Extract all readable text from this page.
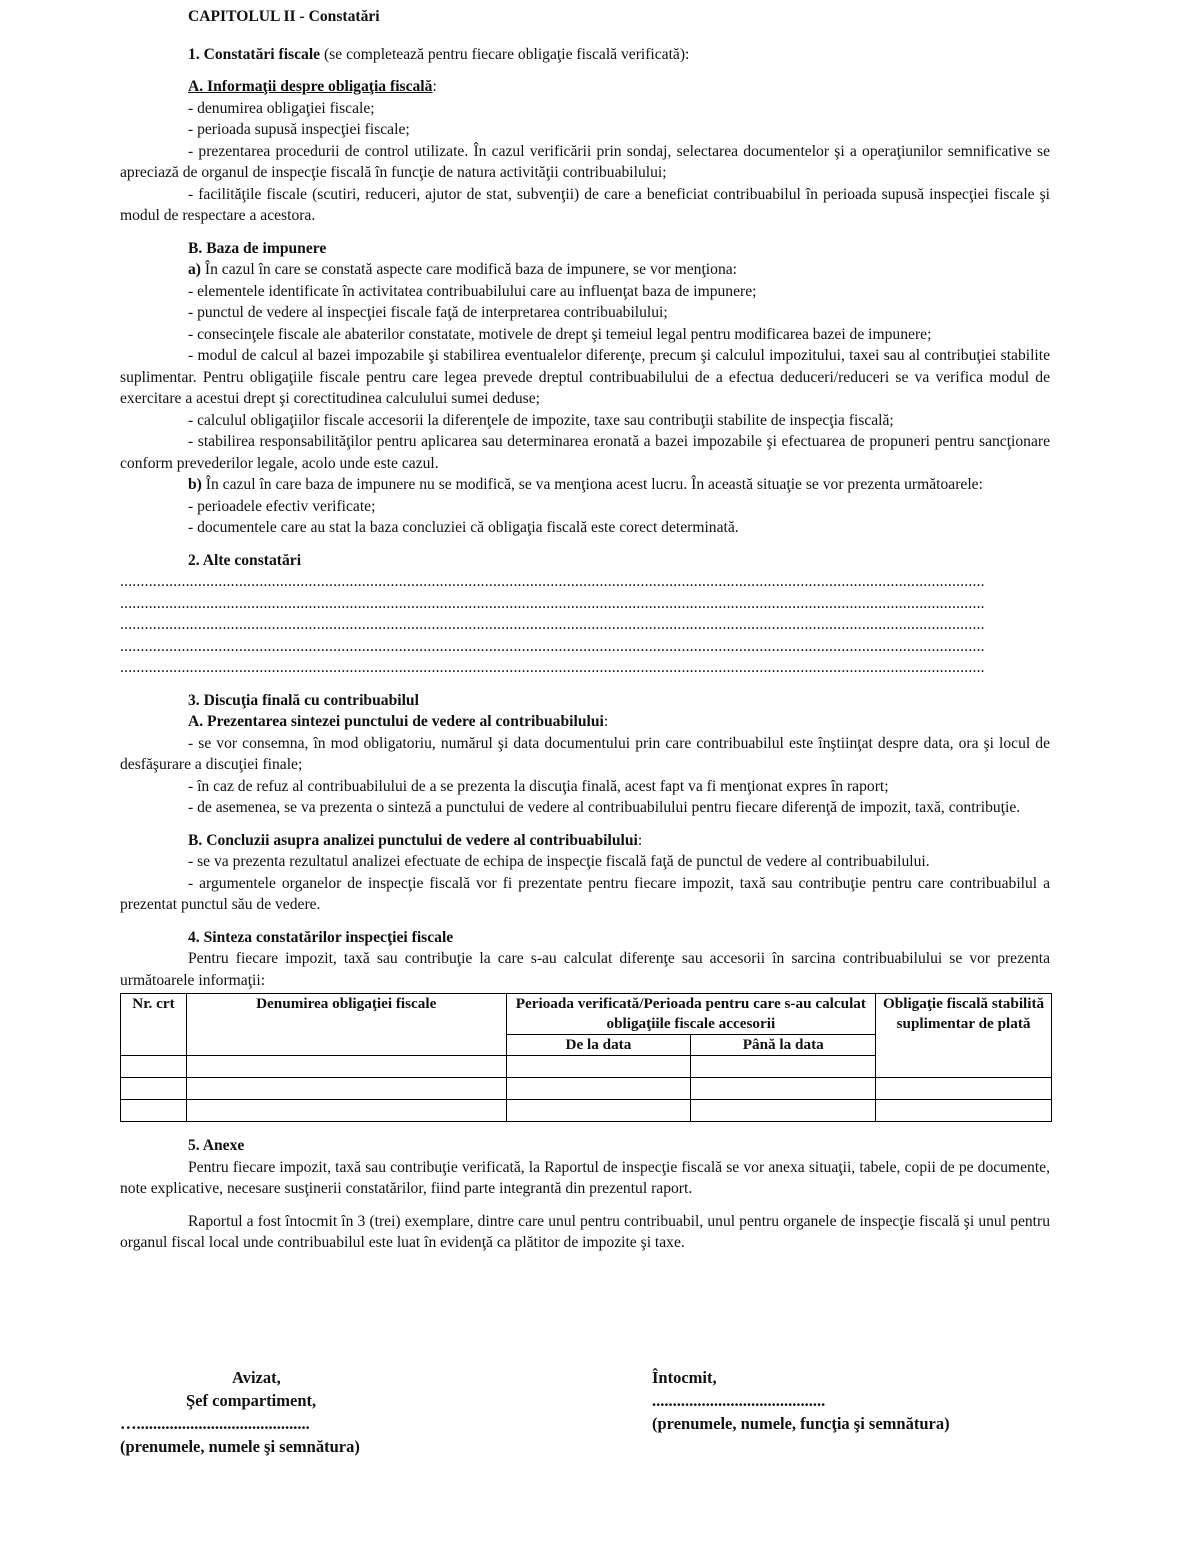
CAPITOLUL II - Constatări
1. Constatări fiscale (se completează pentru fiecare obligaţie fiscală verificată):
A. Informaţii despre obligaţia fiscală:
- denumirea obligaţiei fiscale;
- perioada supusă inspecţiei fiscale;

- prezentarea procedurii de control utilizate. În cazul verificării prin sondaj, selectarea documentelor şi a operaţiunilor semnificative se apreciază de organul de inspecţie fiscală în funcţie de natura activităţii contribuabilului;

- facilităţile fiscale (scutiri, reduceri, ajutor de stat, subvenţii) de care a beneficiat contribuabilul în perioada supusă inspecţiei fiscale şi modul de respectare a acestora.

B. Baza de impunere
a) În cazul în care se constată aspecte care modifică baza de impunere, se vor menţiona:
- elementele identificate în activitatea contribuabilului care au influenţat baza de impunere;
- punctul de vedere al inspecţiei fiscale faţă de interpretarea contribuabilului;

- consecinţele fiscale ale abaterilor constatate, motivele de drept şi temeiul legal pentru modificarea bazei de impunere;

- modul de calcul al bazei impozabile şi stabilirea eventualelor diferenţe, precum şi calculul impozitului, taxei sau al contribuţiei stabilite suplimentar. Pentru obligaţiile fiscale pentru care legea prevede dreptul contribuabilului de a efectua deduceri/reduceri se va verifica modul de exercitare a acestui drept şi corectitudinea calculului sumei deduse;

- calculul obligaţiilor fiscale accesorii la diferenţele de impozite, taxe sau contribuţii stabilite de inspecţia fiscală;

- stabilirea responsabilităţilor pentru aplicarea sau determinarea eronată a bazei impozabile şi efectuarea de propuneri pentru sancţionare conform prevederilor legale, acolo unde este cazul.

b) În cazul în care baza de impunere nu se modifică, se va menţiona acest lucru. În această situaţie se vor prezenta următoarele:

- perioadele efectiv verificate;
- documentele care au stat la baza concluziei că obligaţia fiscală este corect determinată.
2. Alte constatări
...................................................................................................................................................................................................................
...................................................................................................................................................................................................................
...................................................................................................................................................................................................................
...................................................................................................................................................................................................................
...................................................................................................................................................................................................................
3. Discuţia finală cu contribuabilul
A. Prezentarea sintezei punctului de vedere al contribuabilului:

- se vor consemna, în mod obligatoriu, numărul şi data documentului prin care contribuabilul este înştiinţat despre data, ora şi locul de desfăşurare a discuţiei finale;

- în caz de refuz al contribuabilului de a se prezenta la discuţia finală, acest fapt va fi menţionat expres în raport;

- de asemenea, se va prezenta o sinteză a punctului de vedere al contribuabilului pentru fiecare diferenţă de impozit, taxă, contribuţie.

B. Concluzii asupra analizei punctului de vedere al contribuabilului:

- se va prezenta rezultatul analizei efectuate de echipa de inspecţie fiscală faţă de punctul de vedere al contribuabilului.

- argumentele organelor de inspecţie fiscală vor fi prezentate pentru fiecare impozit, taxă sau contribuţie pentru care contribuabilul a prezentat punctul său de vedere.

4. Sinteza constatărilor inspecţiei fiscale

Pentru fiecare impozit, taxă sau contribuţie la care s-au calculat diferenţe sau accesorii în sarcina contribuabilului se vor prezenta următoarele informaţii:

Nr. crt	Denumirea obligaţiei fiscale	Perioada verificată/Perioada pentru care s-au calculat obligaţiile fiscale accesorii		Obligaţie fiscală stabilită suplimentar de plată
		De la data	Până la data	

5. Anexe

Pentru fiecare impozit, taxă sau contribuţie verificată, la Raportul de inspecţie fiscală se vor anexa situaţii, tabele, copii de pe documente, note explicative, necesare susţinerii constatărilor, fiind parte integrantă din prezentul raport.

Raportul a fost întocmit în 3 (trei) exemplare, dintre care unul pentru contribuabil, unul pentru organele de inspecţie fiscală şi unul pentru organul fiscal local unde contribuabilul este luat în evidenţă ca plătitor de impozite şi taxe.

Avizat,
Şef compartiment,
…..........................................
(prenumele, numele şi semnătura)
Întocmit,
..........................................
(prenumele, numele, funcţia şi semnătura)
